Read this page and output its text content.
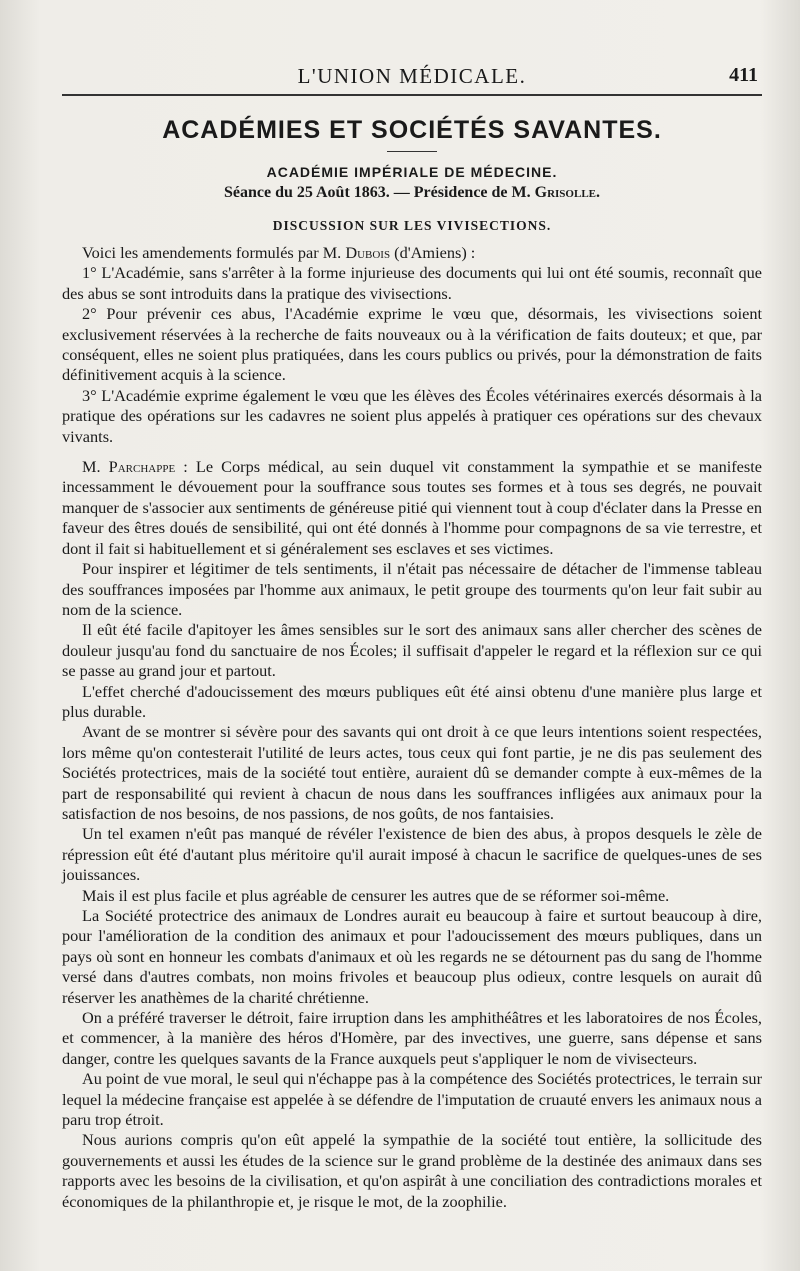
L'UNION MÉDICALE.	411
ACADÉMIES ET SOCIÉTÉS SAVANTES.
ACADÉMIE IMPÉRIALE DE MÉDECINE.
Séance du 25 Août 1863. — Présidence de M. Grisolle.
DISCUSSION SUR LES VIVISECTIONS.

Voici les amendements formulés par M. Dubois (d'Amiens) :

1° L'Académie, sans s'arrêter à la forme injurieuse des documents qui lui ont été soumis, reconnaît que des abus se sont introduits dans la pratique des vivisections.

2° Pour prévenir ces abus, l'Académie exprime le vœu que, désormais, les vivisections soient exclusivement réservées à la recherche de faits nouveaux ou à la vérification de faits douteux; et que, par conséquent, elles ne soient plus pratiquées, dans les cours publics ou privés, pour la démonstration de faits définitivement acquis à la science.

3° L'Académie exprime également le vœu que les élèves des Écoles vétérinaires exercés désormais à la pratique des opérations sur les cadavres ne soient plus appelés à pratiquer ces opérations sur des chevaux vivants.

M. Parchappe : Le Corps médical, au sein duquel vit constamment la sympathie et se manifeste incessamment le dévouement pour la souffrance sous toutes ses formes et à tous ses degrés, ne pouvait manquer de s'associer aux sentiments de généreuse pitié qui viennent tout à coup d'éclater dans la Presse en faveur des êtres doués de sensibilité, qui ont été donnés à l'homme pour compagnons de sa vie terrestre, et dont il fait si habituellement et si généralement ses esclaves et ses victimes.

Pour inspirer et légitimer de tels sentiments, il n'était pas nécessaire de détacher de l'immense tableau des souffrances imposées par l'homme aux animaux, le petit groupe des tourments qu'on leur fait subir au nom de la science.

Il eût été facile d'apitoyer les âmes sensibles sur le sort des animaux sans aller chercher des scènes de douleur jusqu'au fond du sanctuaire de nos Écoles; il suffisait d'appeler le regard et la réflexion sur ce qui se passe au grand jour et partout.

L'effet cherché d'adoucissement des mœurs publiques eût été ainsi obtenu d'une manière plus large et plus durable.

Avant de se montrer si sévère pour des savants qui ont droit à ce que leurs intentions soient respectées, lors même qu'on contesterait l'utilité de leurs actes, tous ceux qui font partie, je ne dis pas seulement des Sociétés protectrices, mais de la société tout entière, auraient dû se demander compte à eux-mêmes de la part de responsabilité qui revient à chacun de nous dans les souffrances infligées aux animaux pour la satisfaction de nos besoins, de nos passions, de nos goûts, de nos fantaisies.

Un tel examen n'eût pas manqué de révéler l'existence de bien des abus, à propos desquels le zèle de répression eût été d'autant plus méritoire qu'il aurait imposé à chacun le sacrifice de quelques-unes de ses jouissances.

Mais il est plus facile et plus agréable de censurer les autres que de se réformer soi-même.

La Société protectrice des animaux de Londres aurait eu beaucoup à faire et surtout beaucoup à dire, pour l'amélioration de la condition des animaux et pour l'adoucissement des mœurs publiques, dans un pays où sont en honneur les combats d'animaux et où les regards ne se détournent pas du sang de l'homme versé dans d'autres combats, non moins frivoles et beaucoup plus odieux, contre lesquels on aurait dû réserver les anathèmes de la charité chrétienne.

On a préféré traverser le détroit, faire irruption dans les amphithéâtres et les laboratoires de nos Écoles, et commencer, à la manière des héros d'Homère, par des invectives, une guerre, sans dépense et sans danger, contre les quelques savants de la France auxquels peut s'appliquer le nom de vivisecteurs.

Au point de vue moral, le seul qui n'échappe pas à la compétence des Sociétés protectrices, le terrain sur lequel la médecine française est appelée à se défendre de l'imputation de cruauté envers les animaux nous a paru trop étroit.

Nous aurions compris qu'on eût appelé la sympathie de la société tout entière, la sollicitude des gouvernements et aussi les études de la science sur le grand problème de la destinée des animaux dans ses rapports avec les besoins de la civilisation, et qu'on aspirât à une conciliation des contradictions morales et économiques de la philanthropie et, je risque le mot, de la zoophilie.
